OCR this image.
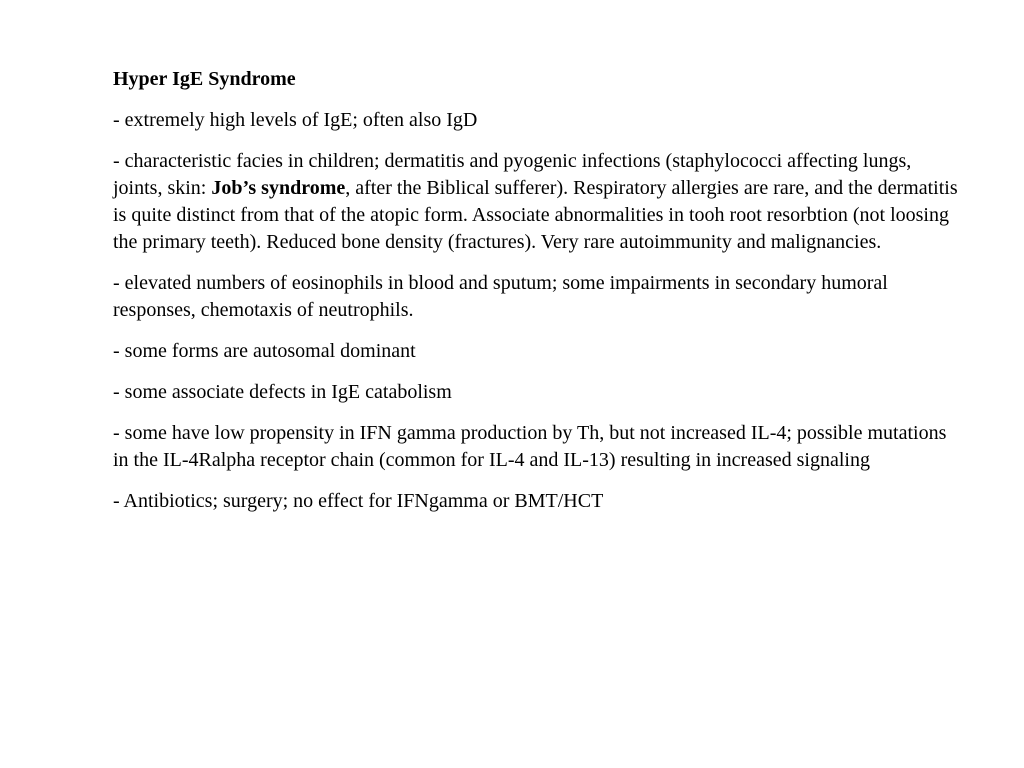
Hyper IgE Syndrome

- extremely high levels of IgE; often also IgD

- characteristic facies in children; dermatitis and pyogenic infections (staphylococci affecting lungs, joints, skin: Job’s syndrome, after the Biblical sufferer). Respiratory allergies are rare, and the dermatitis is quite distinct from that of the atopic form. Associate abnormalities in tooh root resorbtion (not loosing the primary teeth). Reduced bone density (fractures). Very rare autoimmunity and malignancies.

- elevated numbers of eosinophils in blood and sputum; some impairments in secondary humoral responses, chemotaxis of neutrophils.

- some forms are autosomal dominant

- some associate defects in IgE catabolism

- some have low propensity in IFN gamma production by Th, but not increased IL-4; possible mutations in the IL-4Ralpha receptor chain (common for IL-4 and IL-13) resulting in increased signaling

- Antibiotics; surgery; no effect for IFNgamma or BMT/HCT
